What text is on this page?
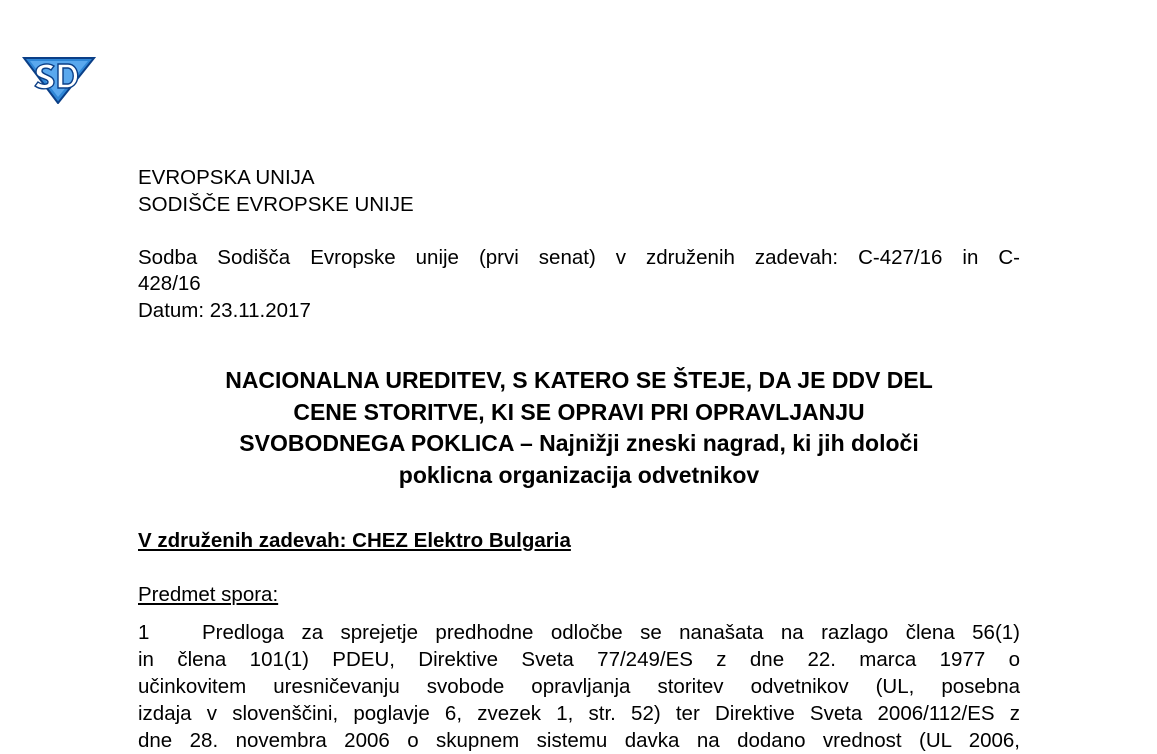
EVROPSKA UNIJA
SODIŠČE EVROPSKE UNIJE
Sodba Sodišča Evropske unije (prvi senat) v združenih zadevah: C-427/16 in C-
428/16
Datum: 23.11.2017
NACIONALNA UREDITEV, S KATERO SE ŠTEJE, DA JE DDV DEL
CENE STORITVE, KI SE OPRAVI PRI OPRAVLJANJU
SVOBODNEGA POKLICA – Najnižji zneski nagrad, ki jih določi
poklicna organizacija odvetnikov
V združenih zadevah: CHEZ Elektro Bulgaria
Predmet spora:
1	Predloga za sprejetje predhodne odločbe se nanašata na razlago člena 56(1)
in člena 101(1) PDEU, Direktive Sveta 77/249/ES z dne 22. marca 1977 o
učinkovitem uresničevanju svobode opravljanja storitev odvetnikov (UL, posebna
izdaja v slovenščini, poglavje 6, zvezek 1, str. 52) ter Direktive Sveta 2006/112/ES z
dne 28. novembra 2006 o skupnem sistemu davka na dodano vrednost (UL 2006,
